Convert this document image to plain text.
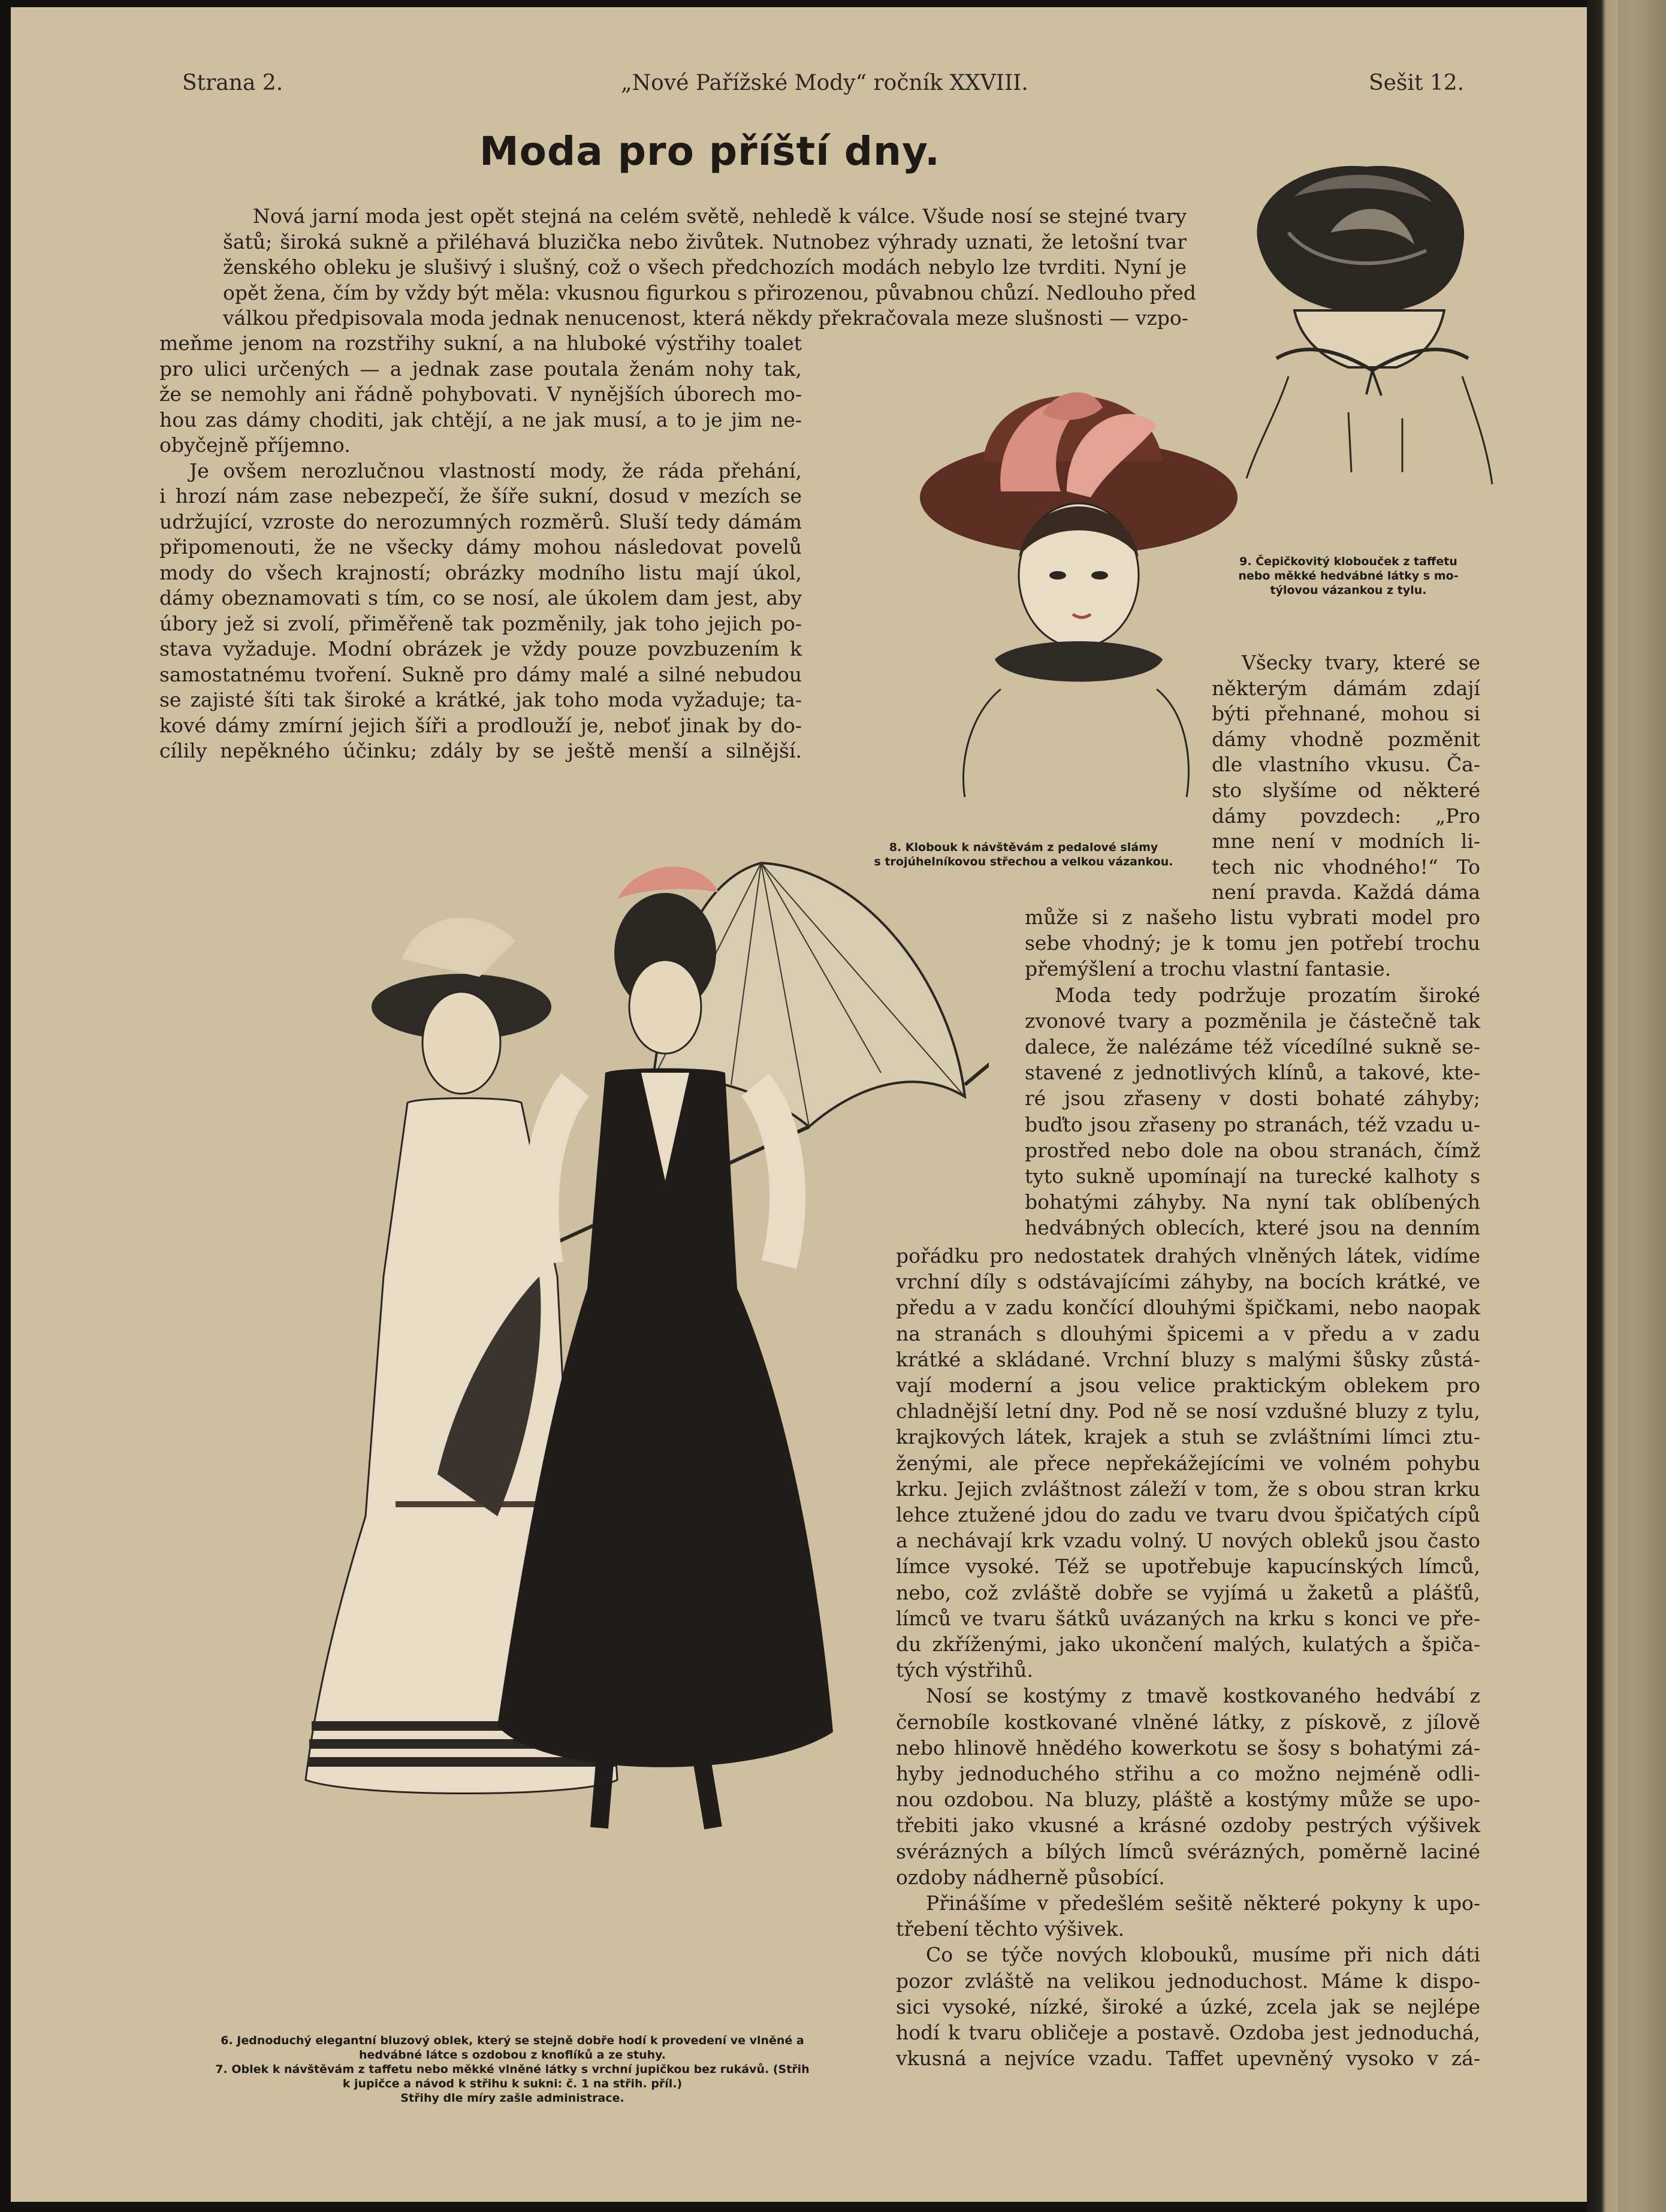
Strana 2.	„Nové Pařížské Mody“ ročník XXVIII.	Sešit 12.
Moda pro příští dny.
Nová jarní moda jest opět stejná na celém světě, nehledě k válce. Všude nosí se stejné tvary
šatů; široká sukně a přiléhavá bluzička nebo živůtek. Nutnobez výhrady uznati, že letošní tvar
ženského obleku je slušivý i slušný, což o všech předchozích modách nebylo lze tvrditi. Nyní je
opět žena, čím by vždy být měla: vkusnou figurkou s přirozenou, půvabnou chůzí. Nedlouho před
válkou předpisovala moda jednak nenucenost, která někdy překračovala meze slušnosti — vzpo-
meňme jenom na rozstřihy sukní, a na hluboké výstřihy toalet
pro ulici určených — a jednak zase poutala ženám nohy tak,
že se nemohly ani řádně pohybovati. V nynějších úborech mo-
hou zas dámy choditi, jak chtějí, a ne jak musí, a to je jim ne-
obyčejně příjemno.
Je ovšem nerozlučnou vlastností mody, že ráda přehání,
i hrozí nám zase nebezpečí, že šíře sukní, dosud v mezích se
udržující, vzroste do nerozumných rozměrů. Sluší tedy dámám
připomenouti, že ne všecky dámy mohou následovat povelů
mody do všech krajností; obrázky modního listu mají úkol,
dámy obeznamovati s tím, co se nosí, ale úkolem dam jest, aby
úbory jež si zvolí, přiměřeně tak pozměnily, jak toho jejich po-
stava vyžaduje. Modní obrázek je vždy pouze povzbuzením k
samostatnému tvoření. Sukně pro dámy malé a silné nebudou
se zajisté šíti tak široké a krátké, jak toho moda vyžaduje; ta-
kové dámy zmírní jejich šíři a prodlouží je, neboť jinak by do-
cílily nepěkného účinku; zdály by se ještě menší a silnější.
Všecky tvary, které se
některým dámám zdají
býti přehnané, mohou si
dámy vhodně pozměnit
dle vlastního vkusu. Ča-
sto slyšíme od některé
dámy povzdech: „Pro
mne není v modních li-
tech nic vhodného!“ To
není pravda. Každá dáma
může si z našeho listu vybrati model pro
sebe vhodný; je k tomu jen potřebí trochu
přemýšlení a trochu vlastní fantasie.
Moda tedy podržuje prozatím široké
zvonové tvary a pozměnila je částečně tak
dalece, že nalézáme též vícedílné sukně se-
stavené z jednotlivých klínů, a takové, kte-
ré jsou zřaseny v dosti bohaté záhyby;
buďto jsou zřaseny po stranách, též vzadu u-
prostřed nebo dole na obou stranách, čímž
tyto sukně upomínají na turecké kalhoty s
bohatými záhyby. Na nyní tak oblíbených
hedvábných oblecích, které jsou na denním
pořádku pro nedostatek drahých vlněných látek, vidíme
vrchní díly s odstávajícími záhyby, na bocích krátké, ve
předu a v zadu končící dlouhými špičkami, nebo naopak
na stranách s dlouhými špicemi a v předu a v zadu
krátké a skládané. Vrchní bluzy s malými šůsky zůstá-
vají moderní a jsou velice praktickým oblekem pro
chladnější letní dny. Pod ně se nosí vzdušné bluzy z tylu,
krajkových látek, krajek a stuh se zvláštními límci ztu-
ženými, ale přece nepřekážejícími ve volném pohybu
krku. Jejich zvláštnost záleží v tom, že s obou stran krku
lehce ztužené jdou do zadu ve tvaru dvou špičatých cípů
a nechávají krk vzadu volný. U nových obleků jsou často
límce vysoké. Též se upotřebuje kapucínských límců,
nebo, což zvláště dobře se vyjímá u žaketů a plášťů,
límců ve tvaru šátků uvázaných na krku s konci ve pře-
du zkříženými, jako ukončení malých, kulatých a špiča-
tých výstřihů.
Nosí se kostýmy z tmavě kostkovaného hedvábí z
černobíle kostkované vlněné látky, z pískově, z jílově
nebo hlinově hnědého kowerkotu se šosy s bohatými zá-
hyby jednoduchého střihu a co možno nejméně odli-
nou ozdobou. Na bluzy, pláště a kostýmy může se upo-
třebiti jako vkusné a krásné ozdoby pestrých výšivek
svérázných a bílých límců svérázných, poměrně laciné
ozdoby nádherně působící.
Přinášíme v předešlém sešitě některé pokyny k upo-
třebení těchto výšivek.
Co se týče nových klobouků, musíme při nich dáti
pozor zvláště na velikou jednoduchost. Máme k dispo-
sici vysoké, nízké, široké a úzké, zcela jak se nejlépe
hodí k tvaru obličeje a postavě. Ozdoba jest jednoduchá,
vkusná a nejvíce vzadu. Taffet upevněný vysoko v zá-
8. Klobouk k návštěvám z pedalové slámy
s trojúhelníkovou střechou a velkou vázankou.
9. Čepičkovitý klobouček z taffetu
nebo měkké hedvábné látky s mo-
týlovou vázankou z tylu.
6. Jednoduchý elegantní bluzový oblek, který se stejně dobře hodí k provedení ve vlněné a
hedvábné látce s ozdobou z knoflíků a ze stuhy.
7. Oblek k návštěvám z taffetu nebo měkké vlněné látky s vrchní jupičkou bez rukávů. (Střih
k jupičce a návod k střihu k sukni: č. 1 na střih. příl.)
Střihy dle míry zašle administrace.
